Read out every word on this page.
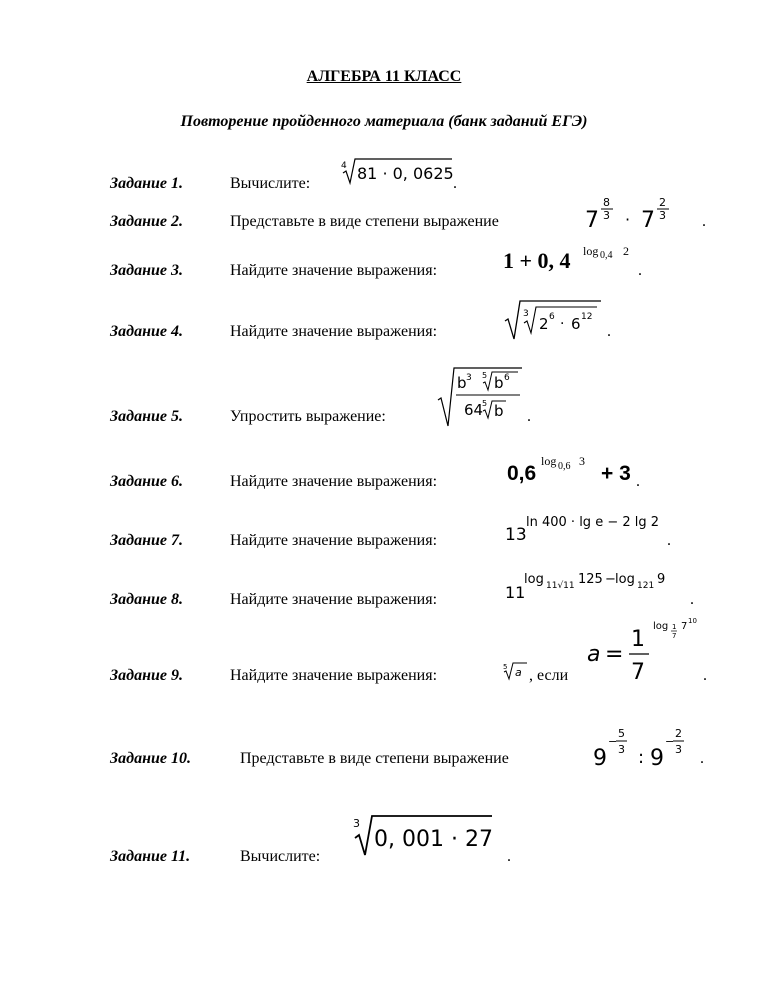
АЛГЕБРА 11 КЛАСС
Повторение пройденного материала (банк заданий ЕГЭ)
Задание 1.	Вычислите:
4 81 · 0, 0625
.
Задание 2.	Представьте в виде степени выражение	7
8
3 · 7
2
3 .
Задание 3.	Найдите значение выражения:	1 + 0, 4 log 0,4 2
.
Задание 4.	Найдите значение выражения:
3
2 6 · 6 12
.
Задание 5.	Упростить выражение:
b 3 5 b 6
64
5 b .
Задание 6.	Найдите значение выражения:	0,6
log 0,6 3
+ 3 .
Задание 7.	Найдите значение выражения:	13
ln 400 · lg e − 2 lg 2
.
Задание 8.	Найдите значение выражения:	11
log 11√11 125 − log 121 9
.
Задание 9.	Найдите значение выражения:	5 a , если
a =
1
7
log 1
7
7 10
.
Задание 10.	Представьте в виде степени выражение	9
−
5
3 : 9
−
2
3
.
Задание 11.	Вычислите:
3
0, 001 · 27
.
